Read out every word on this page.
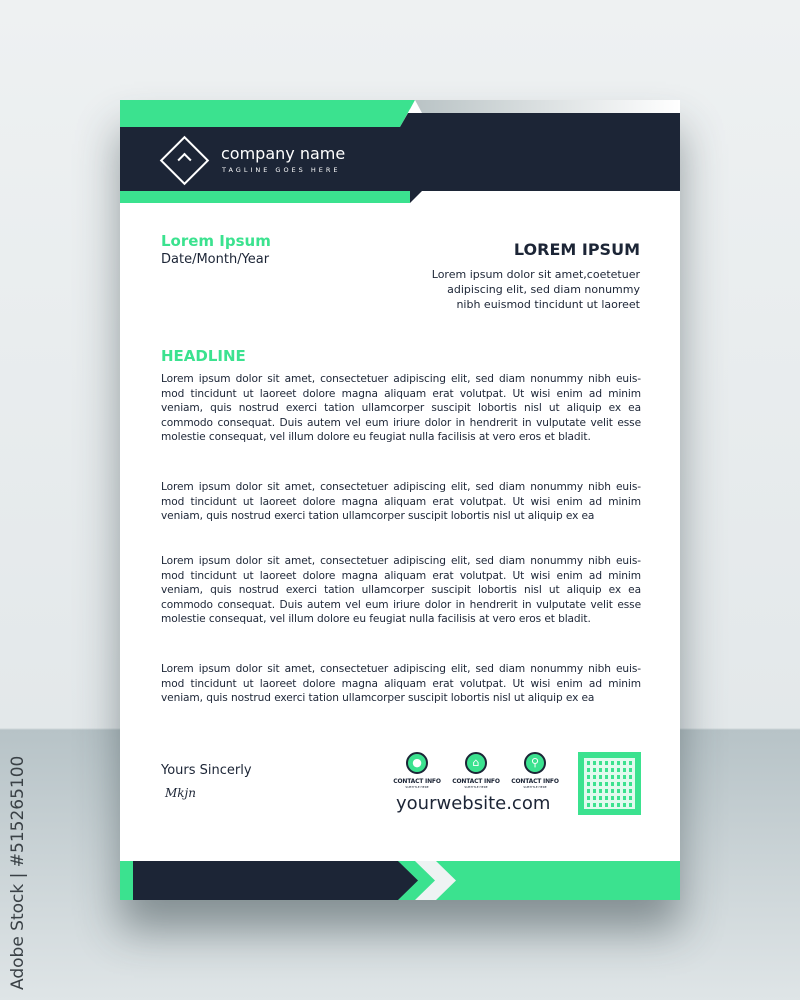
company name
TAGLINE GOES HERE
Lorem Ipsum
Date/Month/Year
LOREM IPSUM
Lorem ipsum dolor sit amet,coetetuer
adipiscing elit, sed diam nonummy
nibh euismod tincidunt ut laoreet
HEADLINE
Lorem ipsum dolor sit amet, consectetuer adipiscing elit, sed diam nonummy nibh euis- mod tincidunt ut laoreet dolore magna aliquam erat volutpat. Ut wisi enim ad minim veniam, quis nostrud exerci tation ullamcorper suscipit lobortis nisl ut aliquip ex ea commodo consequat. Duis autem vel eum iriure dolor in hendrerit in vulputate velit esse molestie consequat, vel illum dolore eu feugiat nulla facilisis at vero eros et bladit.
Lorem ipsum dolor sit amet, consectetuer adipiscing elit, sed diam nonummy nibh euis- mod tincidunt ut laoreet dolore magna aliquam erat volutpat. Ut wisi enim ad minim veniam, quis nostrud exerci tation ullamcorper suscipit lobortis nisl ut aliquip ex ea
Lorem ipsum dolor sit amet, consectetuer adipiscing elit, sed diam nonummy nibh euis- mod tincidunt ut laoreet dolore magna aliquam erat volutpat. Ut wisi enim ad minim veniam, quis nostrud exerci tation ullamcorper suscipit lobortis nisl ut aliquip ex ea commodo consequat. Duis autem vel eum iriure dolor in hendrerit in vulputate velit esse molestie consequat, vel illum dolore eu feugiat nulla facilisis at vero eros et bladit.
Lorem ipsum dolor sit amet, consectetuer adipiscing elit, sed diam nonummy nibh euis- mod tincidunt ut laoreet dolore magna aliquam erat volutpat. Ut wisi enim ad minim veniam, quis nostrud exerci tation ullamcorper suscipit lobortis nisl ut aliquip ex ea
Yours Sincerly
Mkjn
●
CONTACT INFO
SUBTITLE HERE
⌂
CONTACT INFO
SUBTITLE HERE
⚲
CONTACT INFO
SUBTITLE HERE
yourwebsite.com
Adobe Stock | #515265100
